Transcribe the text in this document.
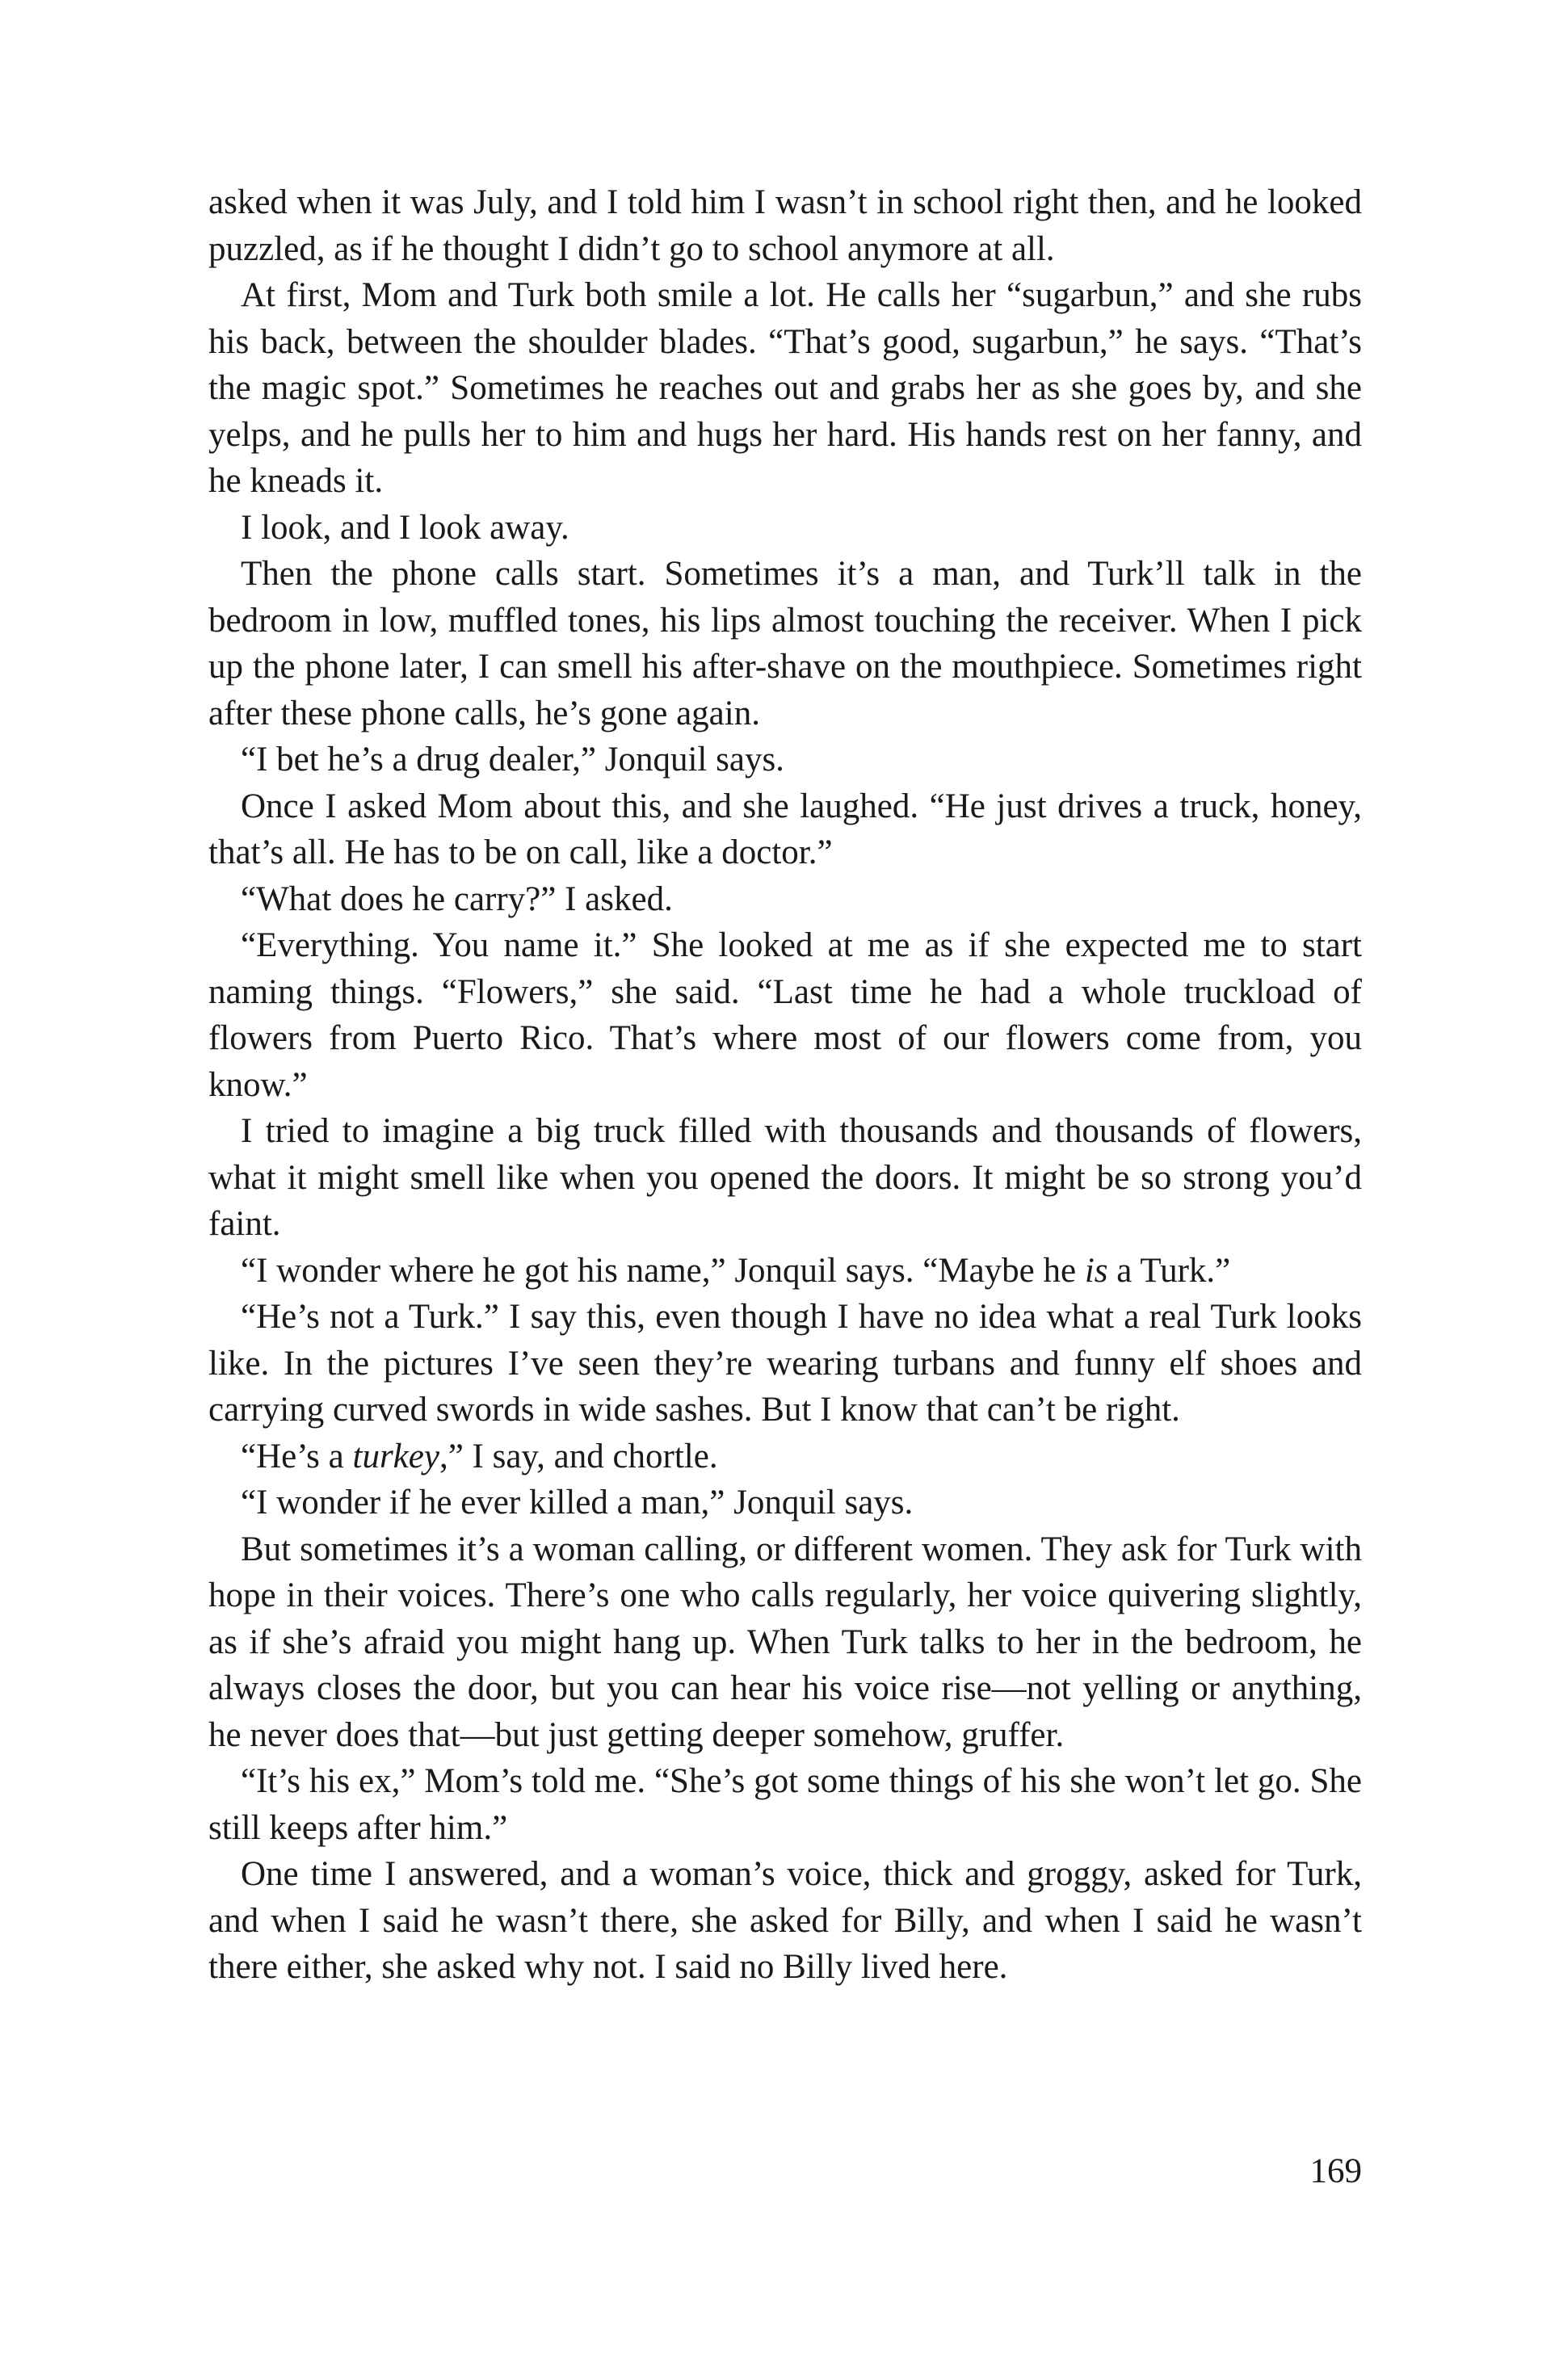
asked when it was July, and I told him I wasn’t in school right then, and he looked puzzled, as if he thought I didn’t go to school anymore at all.

At first, Mom and Turk both smile a lot. He calls her “sugarbun,” and she rubs his back, between the shoulder blades. “That’s good, sugarbun,” he says. “That’s the magic spot.” Sometimes he reaches out and grabs her as she goes by, and she yelps, and he pulls her to him and hugs her hard. His hands rest on her fanny, and he kneads it.

I look, and I look away.

Then the phone calls start. Sometimes it’s a man, and Turk’ll talk in the bedroom in low, muffled tones, his lips almost touching the receiver. When I pick up the phone later, I can smell his after-shave on the mouthpiece. Sometimes right after these phone calls, he’s gone again.

“I bet he’s a drug dealer,” Jonquil says.

Once I asked Mom about this, and she laughed. “He just drives a truck, honey, that’s all. He has to be on call, like a doctor.”

“What does he carry?” I asked.

“Everything. You name it.” She looked at me as if she expected me to start naming things. “Flowers,” she said. “Last time he had a whole truckload of flowers from Puerto Rico. That’s where most of our flowers come from, you know.”

I tried to imagine a big truck filled with thousands and thousands of flowers, what it might smell like when you opened the doors. It might be so strong you’d faint.

“I wonder where he got his name,” Jonquil says. “Maybe he is a Turk.”

“He’s not a Turk.” I say this, even though I have no idea what a real Turk looks like. In the pictures I’ve seen they’re wearing turbans and funny elf shoes and carrying curved swords in wide sashes. But I know that can’t be right.

“He’s a turkey,” I say, and chortle.

“I wonder if he ever killed a man,” Jonquil says.

But sometimes it’s a woman calling, or different women. They ask for Turk with hope in their voices. There’s one who calls regularly, her voice quivering slightly, as if she’s afraid you might hang up. When Turk talks to her in the bedroom, he always closes the door, but you can hear his voice rise—not yelling or anything, he never does that—but just getting deeper somehow, gruffer.

“It’s his ex,” Mom’s told me. “She’s got some things of his she won’t let go. She still keeps after him.”

One time I answered, and a woman’s voice, thick and groggy, asked for Turk, and when I said he wasn’t there, she asked for Billy, and when I said he wasn’t there either, she asked why not. I said no Billy lived here.

169
